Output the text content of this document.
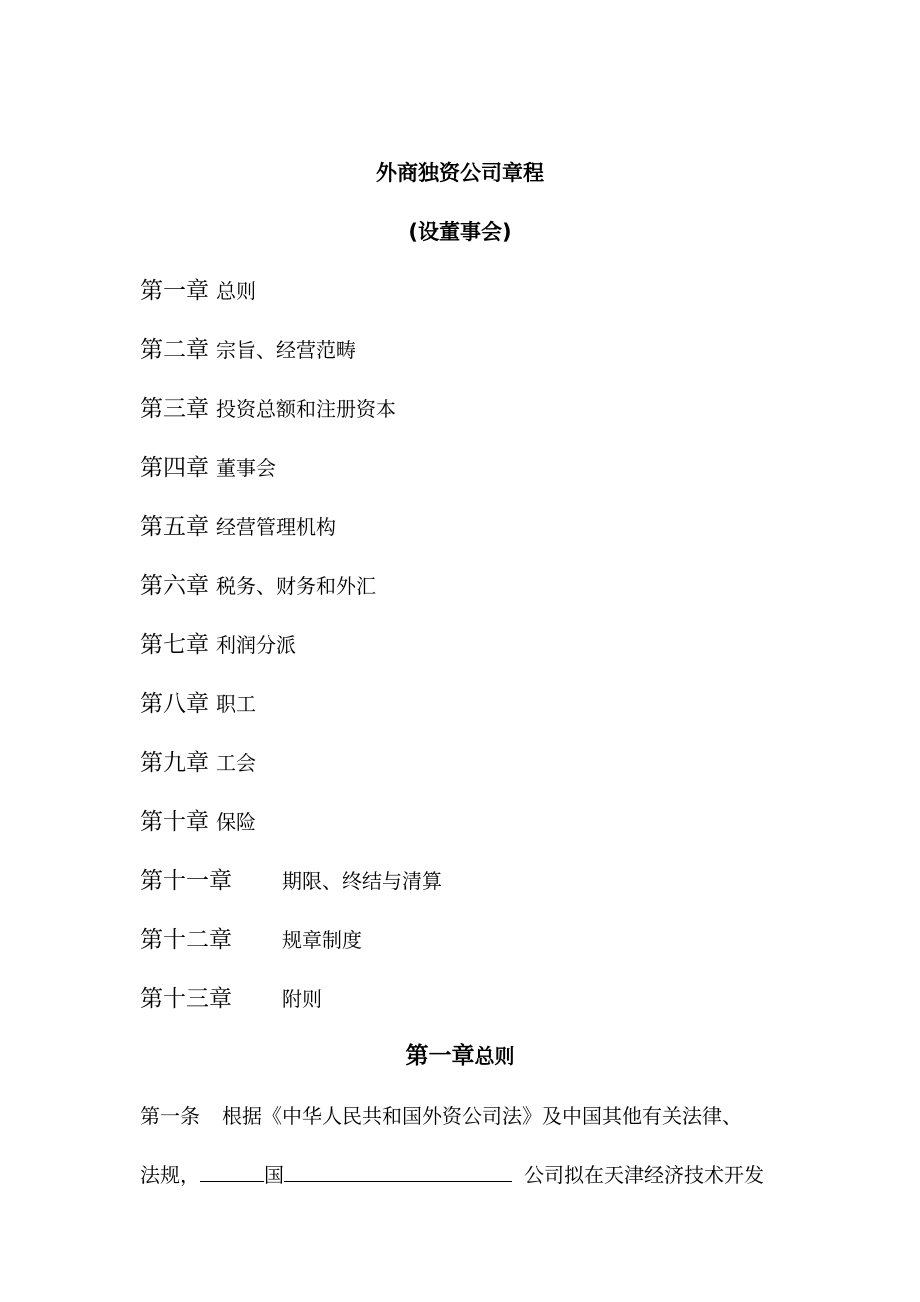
外商独资公司章程
(设董事会)
第一章 总则
第二章 宗旨、经营范畴
第三章 投资总额和注册资本
第四章 董事会
第五章 经营管理机构
第六章 税务、财务和外汇
第七章 利润分派
第八章 职工
第九章 工会
第十章 保险
第十一章	期限、终结与清算
第十二章	规章制度
第十三章	附则
第一章总则
第一条 根据《中华人民共和国外资公司法》及中国其他有关法律、
法规，	国	公司拟在天津经济技术开发
